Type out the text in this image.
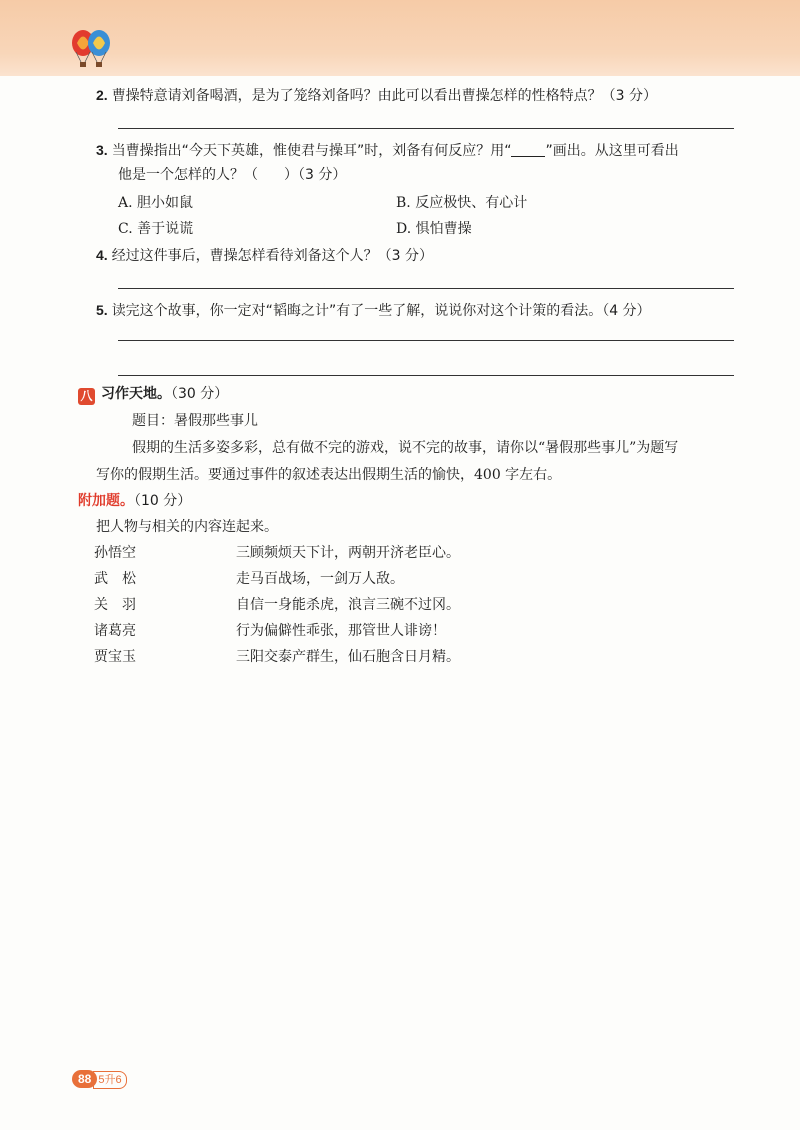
2. 曹操特意请刘备喝酒，是为了笼络刘备吗？由此可以看出曹操怎样的性格特点？（3 分）
3. 当曹操指出“今天下英雄，惟使君与操耳”时，刘备有何反应？用“ ”画出。从这里可看出
他是一个怎样的人？（ ）（3 分）
A. 胆小如鼠	B. 反应极快、有心计
C. 善于说谎	D. 惧怕曹操
4. 经过这件事后，曹操怎样看待刘备这个人？（3 分）
5. 读完这个故事，你一定对“韬晦之计”有了一些了解，说说你对这个计策的看法。（4 分）
八 习作天地。（30 分）
题目：暑假那些事儿
假期的生活多姿多彩，总有做不完的游戏，说不完的故事，请你以“暑假那些事儿”为题写
写你的假期生活。要通过事件的叙述表达出假期生活的愉快，400 字左右。
附加题。（10 分）
把人物与相关的内容连起来。
孙悟空
武　松
关　羽
诸葛亮
贾宝玉
三顾频烦天下计，两朝开济老臣心。
走马百战场，一剑万人敌。
自信一身能杀虎，浪言三碗不过冈。
行为偏僻性乖张，那管世人诽谤！
三阳交泰产群生，仙石胞含日月精。
88 5升6
